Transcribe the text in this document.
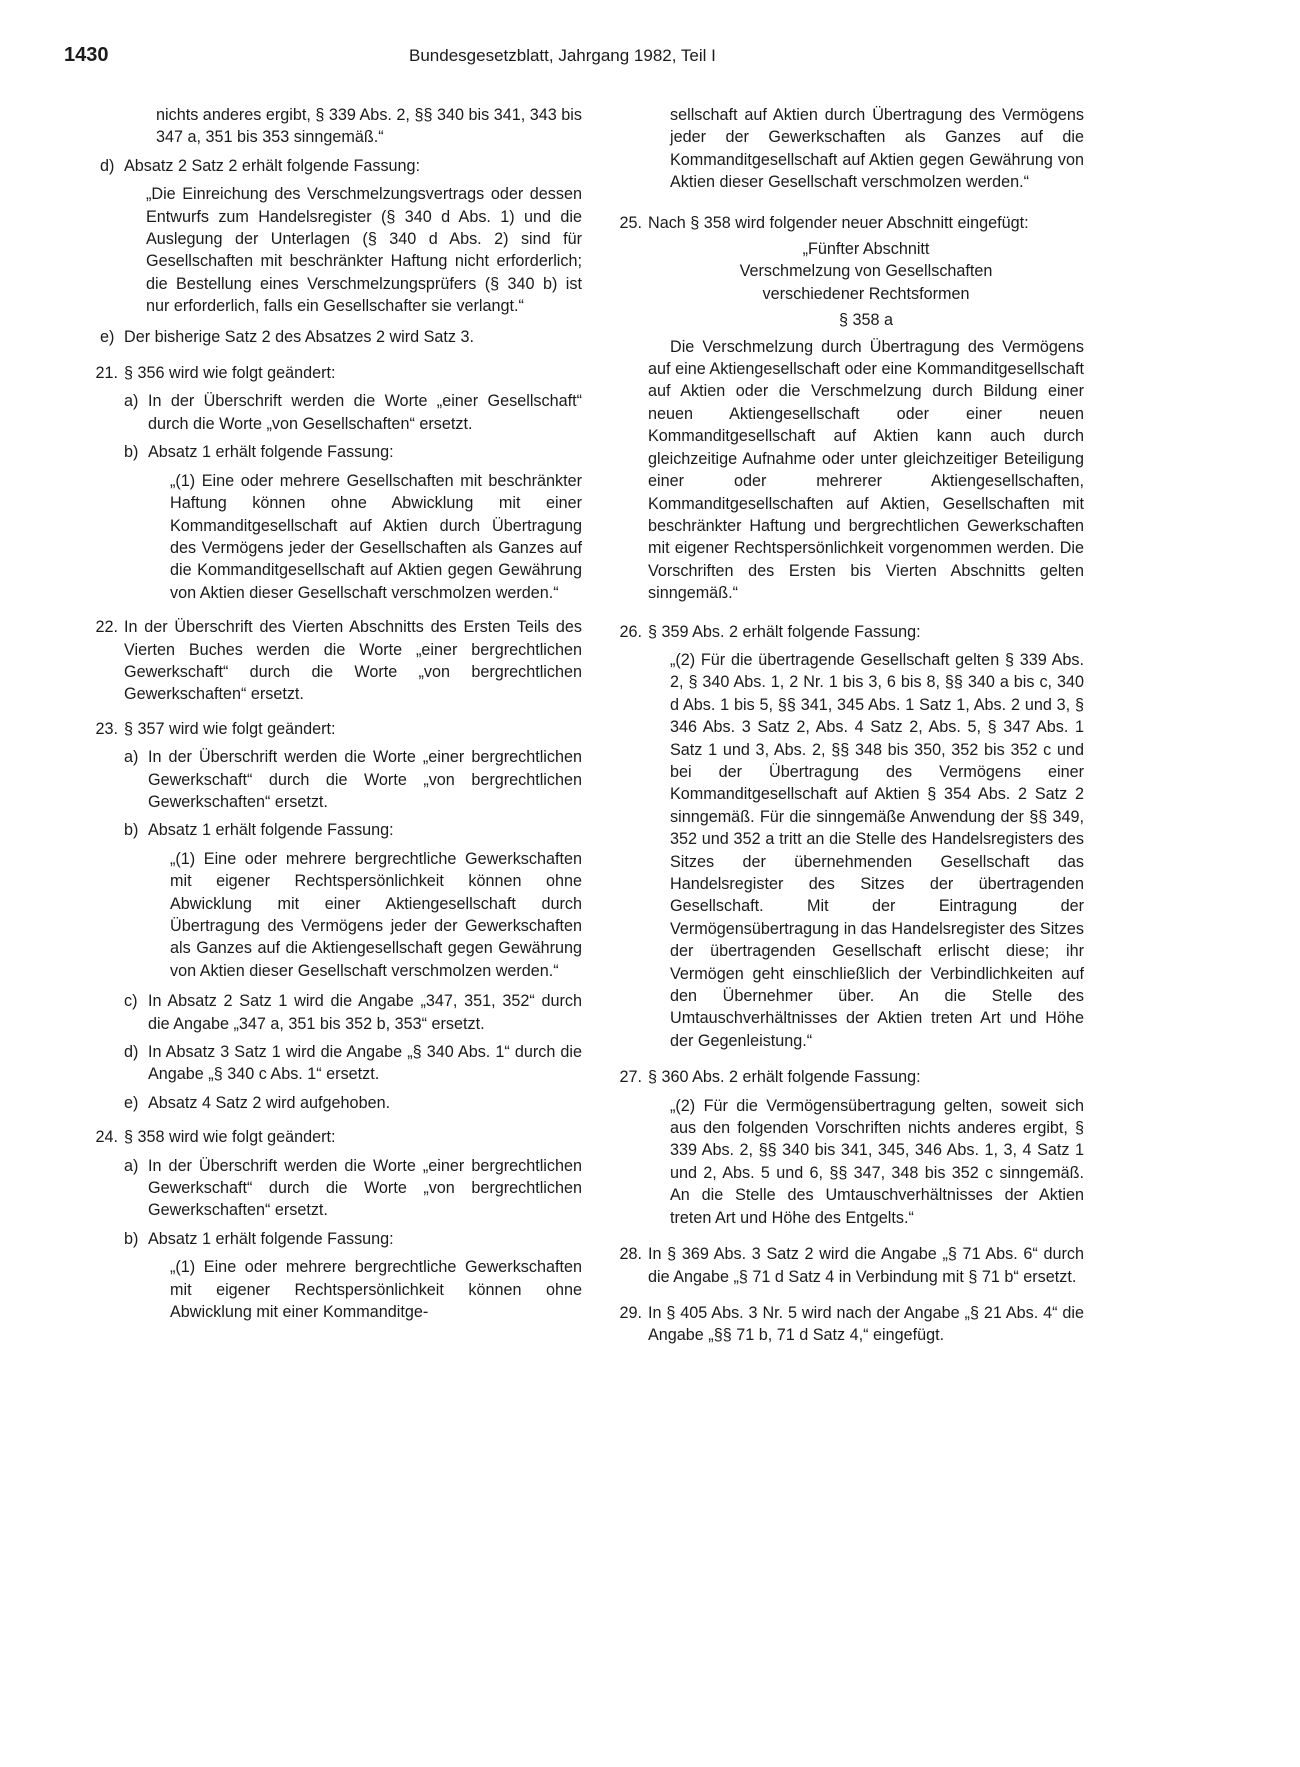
1430	Bundesgesetzblatt, Jahrgang 1982, Teil I
nichts anderes ergibt, § 339 Abs. 2, §§ 340 bis 341, 343 bis 347 a, 351 bis 353 sinngemäß.“
d) Absatz 2 Satz 2 erhält folgende Fassung:
„Die Einreichung des Verschmelzungsvertrags oder dessen Entwurfs zum Handelsregister (§ 340 d Abs. 1) und die Auslegung der Unterlagen (§ 340 d Abs. 2) sind für Gesellschaften mit beschränkter Haftung nicht erforderlich; die Bestellung eines Verschmelzungsprüfers (§ 340 b) ist nur erforderlich, falls ein Gesellschafter sie verlangt.“
e) Der bisherige Satz 2 des Absatzes 2 wird Satz 3.
21. § 356 wird wie folgt geändert:
a) In der Überschrift werden die Worte „einer Gesellschaft“ durch die Worte „von Gesellschaften“ ersetzt.
b) Absatz 1 erhält folgende Fassung:
„(1) Eine oder mehrere Gesellschaften mit beschränkter Haftung können ohne Abwicklung mit einer Kommanditgesellschaft auf Aktien durch Übertragung des Vermögens jeder der Gesellschaften als Ganzes auf die Kommanditgesellschaft auf Aktien gegen Gewährung von Aktien dieser Gesellschaft verschmolzen werden.“
22. In der Überschrift des Vierten Abschnitts des Ersten Teils des Vierten Buches werden die Worte „einer bergrechtlichen Gewerkschaft“ durch die Worte „von bergrechtlichen Gewerkschaften“ ersetzt.
23. § 357 wird wie folgt geändert:
a) In der Überschrift werden die Worte „einer bergrechtlichen Gewerkschaft“ durch die Worte „von bergrechtlichen Gewerkschaften“ ersetzt.
b) Absatz 1 erhält folgende Fassung:
„(1) Eine oder mehrere bergrechtliche Gewerkschaften mit eigener Rechtspersönlichkeit können ohne Abwicklung mit einer Aktiengesellschaft durch Übertragung des Vermögens jeder der Gewerkschaften als Ganzes auf die Aktiengesellschaft gegen Gewährung von Aktien dieser Gesellschaft verschmolzen werden.“
c) In Absatz 2 Satz 1 wird die Angabe „347, 351, 352“ durch die Angabe „347 a, 351 bis 352 b, 353“ ersetzt.
d) In Absatz 3 Satz 1 wird die Angabe „§ 340 Abs. 1“ durch die Angabe „§ 340 c Abs. 1“ ersetzt.
e) Absatz 4 Satz 2 wird aufgehoben.
24. § 358 wird wie folgt geändert:
a) In der Überschrift werden die Worte „einer bergrechtlichen Gewerkschaft“ durch die Worte „von bergrechtlichen Gewerkschaften“ ersetzt.
b) Absatz 1 erhält folgende Fassung:
„(1) Eine oder mehrere bergrechtliche Gewerkschaften mit eigener Rechtspersönlichkeit können ohne Abwicklung mit einer Kommanditge-
sellschaft auf Aktien durch Übertragung des Vermögens jeder der Gewerkschaften als Ganzes auf die Kommanditgesellschaft auf Aktien gegen Gewährung von Aktien dieser Gesellschaft verschmolzen werden.“
25. Nach § 358 wird folgender neuer Abschnitt eingefügt:
„Fünfter Abschnitt
Verschmelzung von Gesellschaften verschiedener Rechtsformen
§ 358 a
Die Verschmelzung durch Übertragung des Vermögens auf eine Aktiengesellschaft oder eine Kommanditgesellschaft auf Aktien oder die Verschmelzung durch Bildung einer neuen Aktiengesellschaft oder einer neuen Kommanditgesellschaft auf Aktien kann auch durch gleichzeitige Aufnahme oder unter gleichzeitiger Beteiligung einer oder mehrerer Aktiengesellschaften, Kommanditgesellschaften auf Aktien, Gesellschaften mit beschränkter Haftung und bergrechtlichen Gewerkschaften mit eigener Rechtspersönlichkeit vorgenommen werden. Die Vorschriften des Ersten bis Vierten Abschnitts gelten sinngemäß.“
26. § 359 Abs. 2 erhält folgende Fassung:
„(2) Für die übertragende Gesellschaft gelten § 339 Abs. 2, § 340 Abs. 1, 2 Nr. 1 bis 3, 6 bis 8, §§ 340 a bis c, 340 d Abs. 1 bis 5, §§ 341, 345 Abs. 1 Satz 1, Abs. 2 und 3, § 346 Abs. 3 Satz 2, Abs. 4 Satz 2, Abs. 5, § 347 Abs. 1 Satz 1 und 3, Abs. 2, §§ 348 bis 350, 352 bis 352 c und bei der Übertragung des Vermögens einer Kommanditgesellschaft auf Aktien § 354 Abs. 2 Satz 2 sinngemäß. Für die sinngemäße Anwendung der §§ 349, 352 und 352 a tritt an die Stelle des Handelsregisters des Sitzes der übernehmenden Gesellschaft das Handelsregister des Sitzes der übertragenden Gesellschaft. Mit der Eintragung der Vermögensübertragung in das Handelsregister des Sitzes der übertragenden Gesellschaft erlischt diese; ihr Vermögen geht einschließlich der Verbindlichkeiten auf den Übernehmer über. An die Stelle des Umtauschverhältnisses der Aktien treten Art und Höhe der Gegenleistung.“
27. § 360 Abs. 2 erhält folgende Fassung:
„(2) Für die Vermögensübertragung gelten, soweit sich aus den folgenden Vorschriften nichts anderes ergibt, § 339 Abs. 2, §§ 340 bis 341, 345, 346 Abs. 1, 3, 4 Satz 1 und 2, Abs. 5 und 6, §§ 347, 348 bis 352 c sinngemäß. An die Stelle des Umtauschverhältnisses der Aktien treten Art und Höhe des Entgelts.“
28. In § 369 Abs. 3 Satz 2 wird die Angabe „§ 71 Abs. 6“ durch die Angabe „§ 71 d Satz 4 in Verbindung mit § 71 b“ ersetzt.
29. In § 405 Abs. 3 Nr. 5 wird nach der Angabe „§ 21 Abs. 4“ die Angabe „§§ 71 b, 71 d Satz 4,“ eingefügt.
